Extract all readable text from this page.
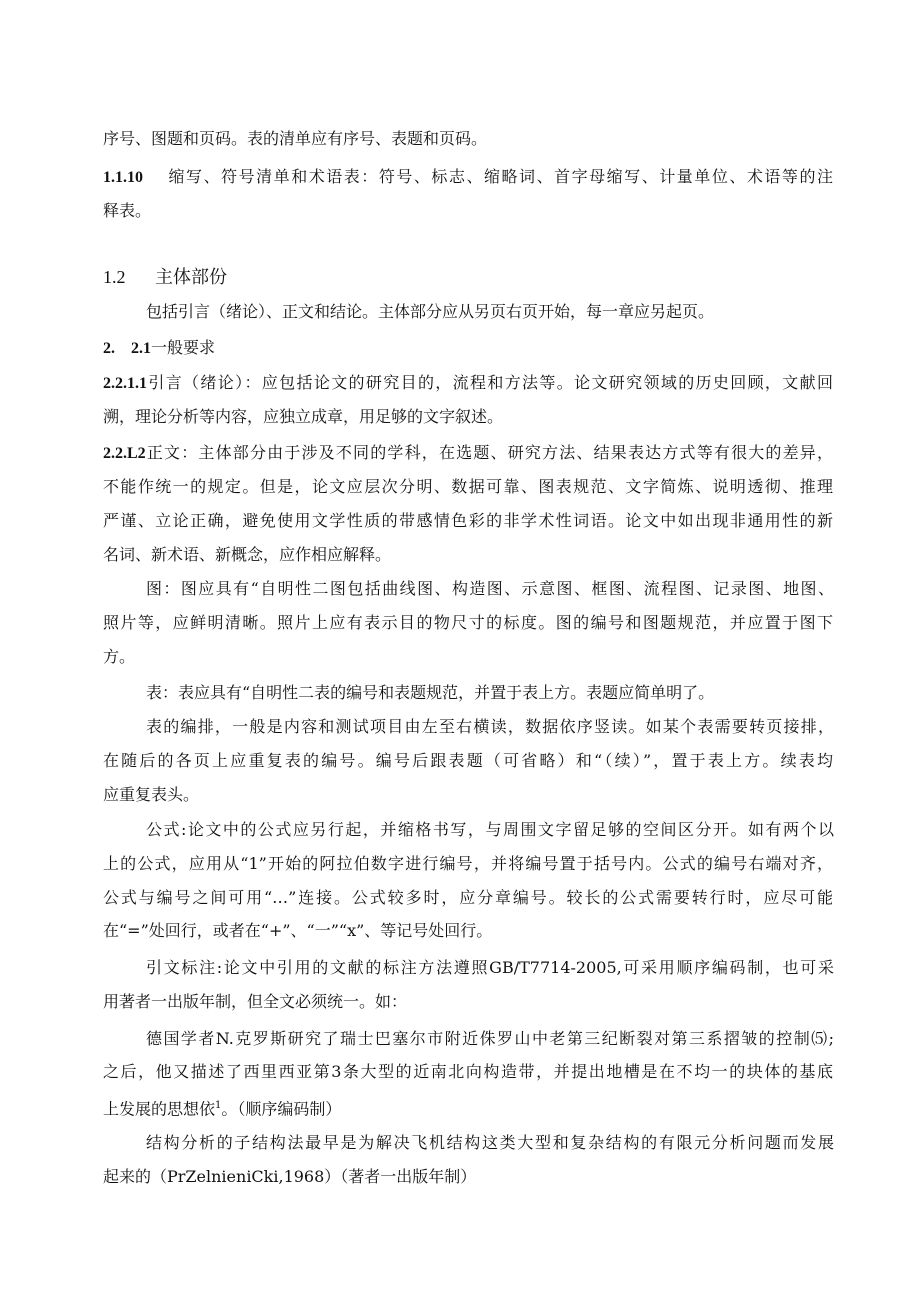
序号、图题和页码。表的清单应有序号、表题和页码。
1.1.10 缩写、符号清单和术语表：符号、标志、缩略词、首字母缩写、计量单位、术语等的注
释表。
1.2 主体部份
包括引言（绪论）、正文和结论。主体部分应从另页右页开始，每一章应另起页。
2.　2.1一般要求
2.2.1.1引言（绪论）：应包括论文的研究目的，流程和方法等。论文研究领域的历史回顾，文献回
溯，理论分析等内容，应独立成章，用足够的文字叙述。
2.2.L2正文：主体部分由于涉及不同的学科，在选题、研究方法、结果表达方式等有很大的差异，
不能作统一的规定。但是，论文应层次分明、数据可靠、图表规范、文字简炼、说明透彻、推理
严谨、立论正确，避免使用文学性质的带感情色彩的非学术性词语。论文中如出现非通用性的新
名词、新术语、新概念，应作相应解释。
图：图应具有“自明性二图包括曲线图、构造图、示意图、框图、流程图、记录图、地图、
照片等，应鲜明清晰。照片上应有表示目的物尺寸的标度。图的编号和图题规范，并应置于图下
方。
表：表应具有“自明性二表的编号和表题规范，并置于表上方。表题应简单明了。
表的编排，一般是内容和测试项目由左至右横读，数据依序竖读。如某个表需要转页接排，
在随后的各页上应重复表的编号。编号后跟表题（可省略）和“（续）”，置于表上方。续表均
应重复表头。
公式:论文中的公式应另行起，并缩格书写，与周围文字留足够的空间区分开。如有两个以
上的公式，应用从“1”开始的阿拉伯数字进行编号，并将编号置于括号内。公式的编号右端对齐，
公式与编号之间可用“…”连接。公式较多时，应分章编号。较长的公式需要转行时，应尽可能
在“=”处回行，或者在“+”、“一”“x”、等记号处回行。
引文标注:论文中引用的文献的标注方法遵照GB/T7714-2005,可采用顺序编码制，也可采
用著者一出版年制，但全文必须统一。如：
德国学者N.克罗斯研究了瑞士巴塞尔市附近侏罗山中老第三纪断裂对第三系摺皱的控制⑸;
之后，他又描述了西里西亚第3条大型的近南北向构造带，并提出地槽是在不均一的块体的基底
上发展的思想依$^1$。（顺序编码制）
结构分析的子结构法最早是为解决飞机结构这类大型和复杂结构的有限元分析问题而发展
起来的（PrZelnieniCki,1968）（著者一出版年制）
